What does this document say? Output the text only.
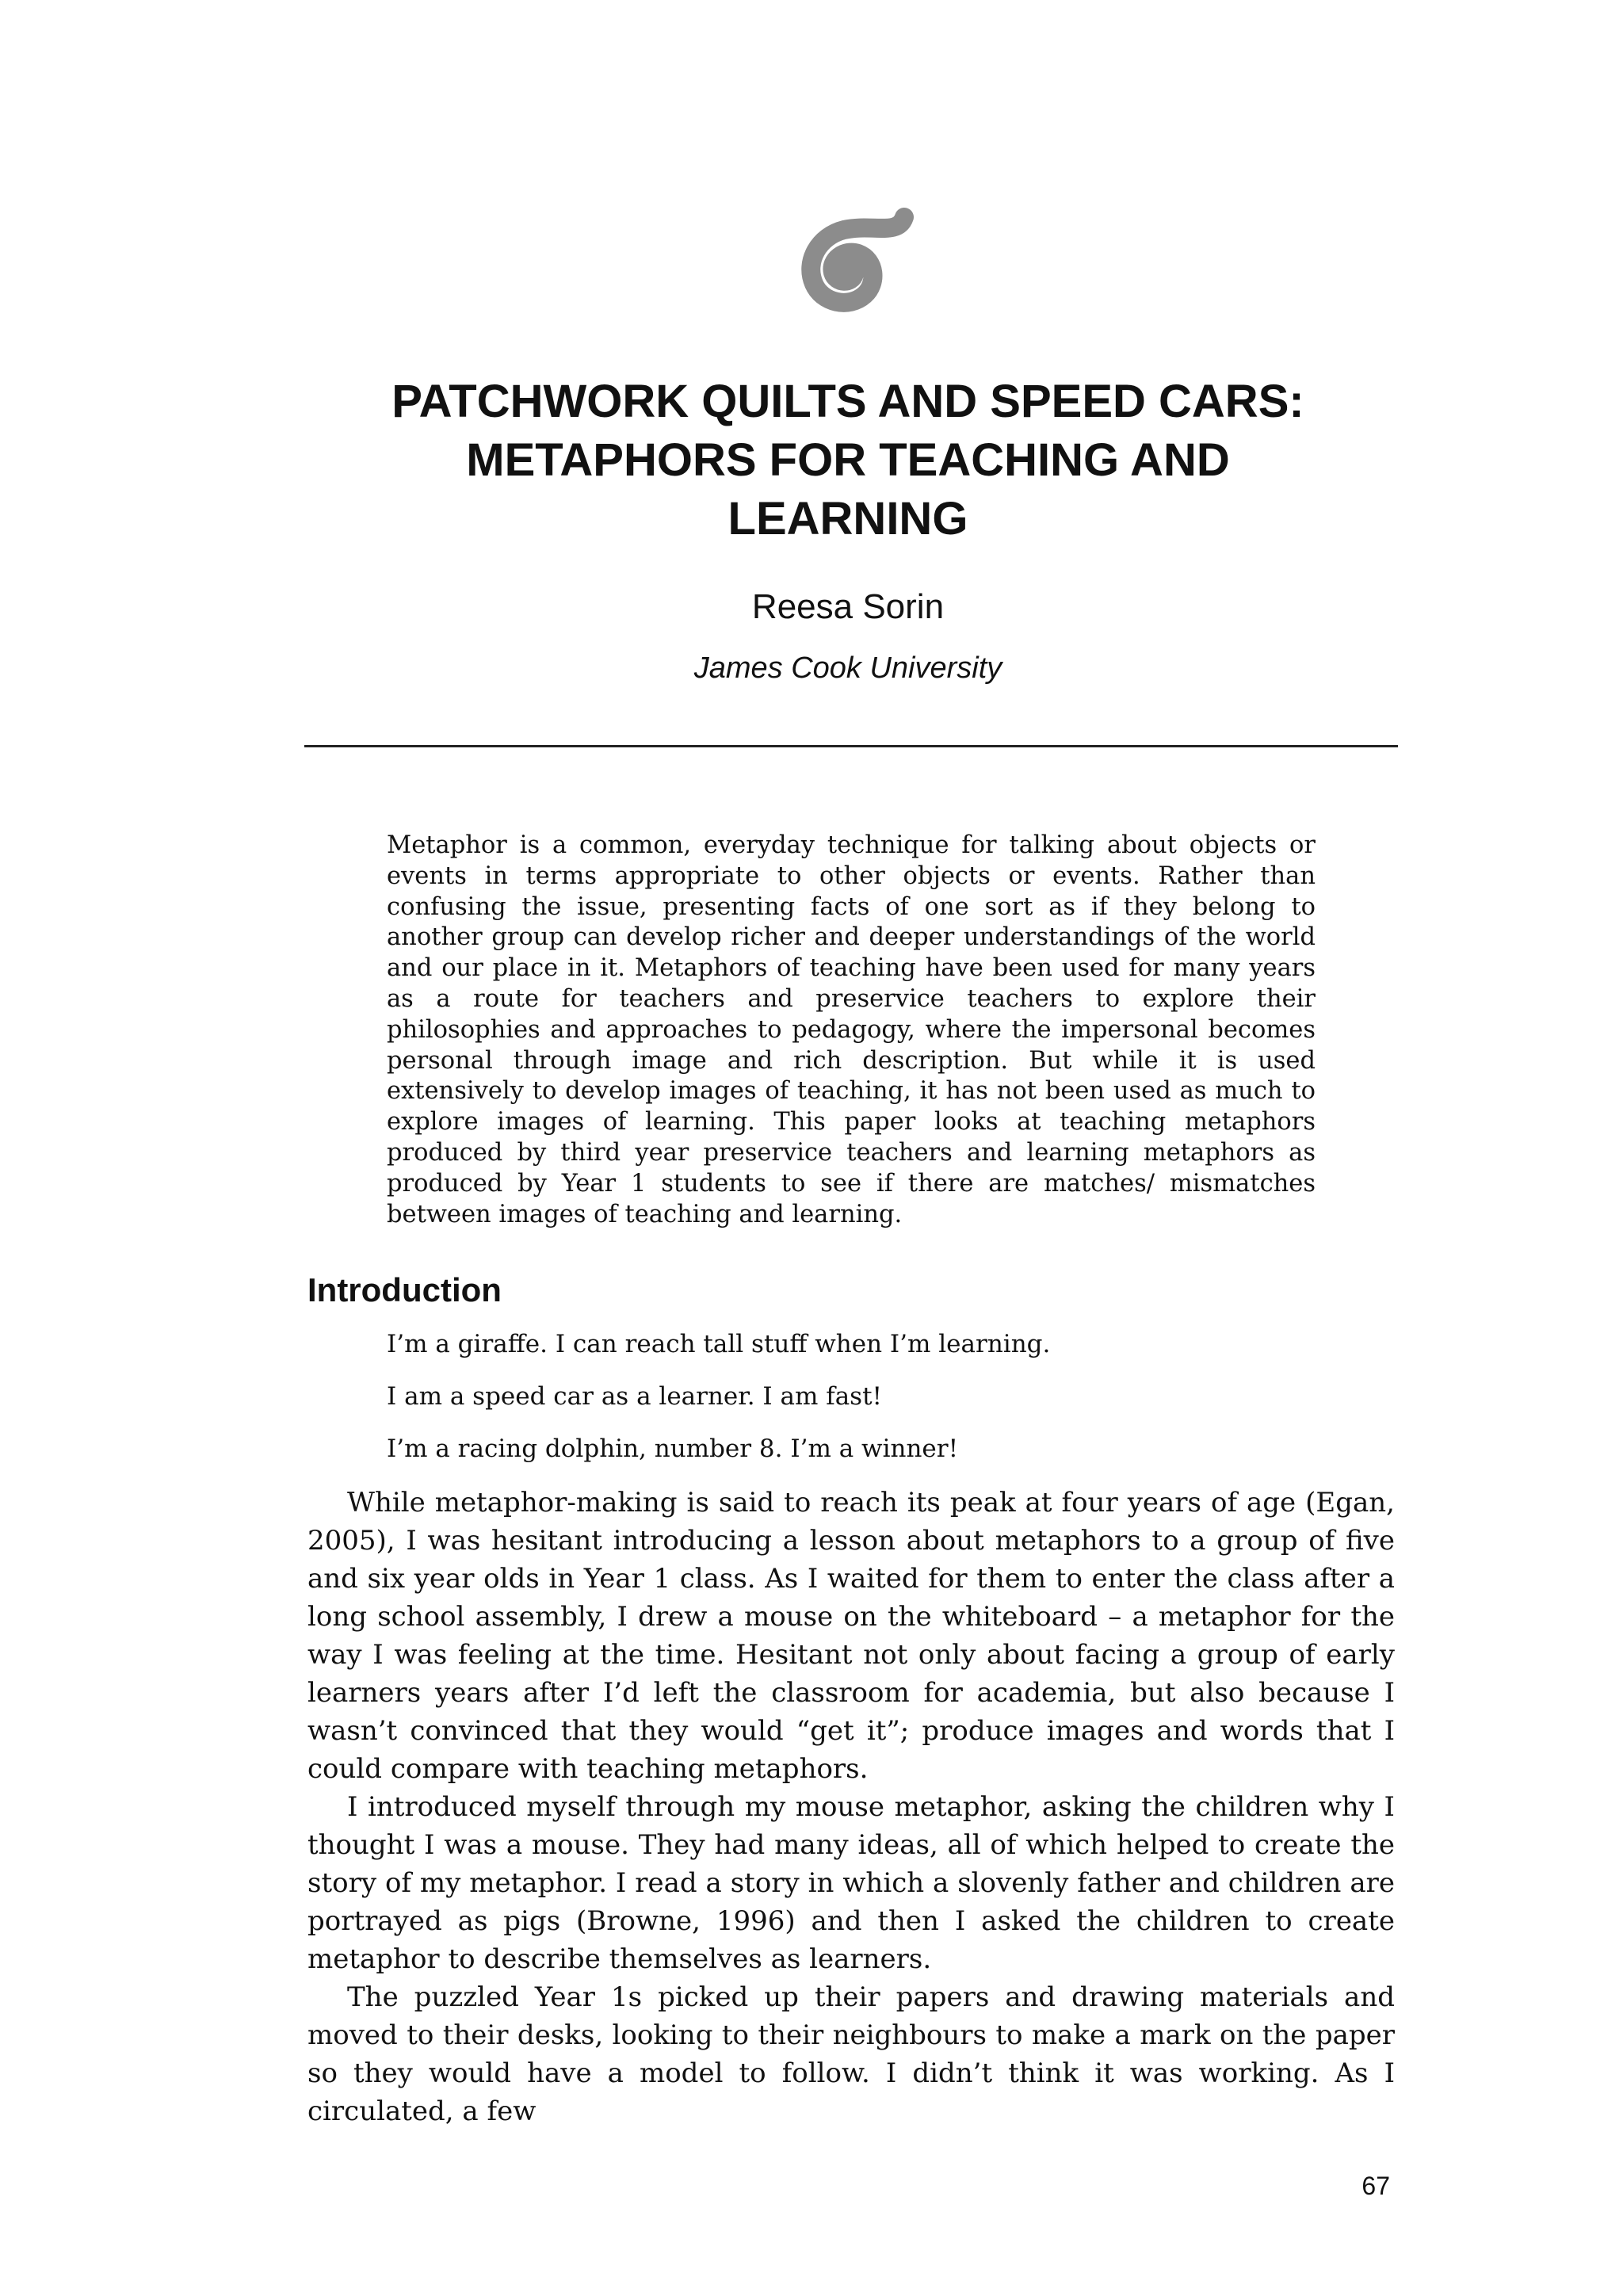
PATCHWORK QUILTS AND SPEED CARS:
METAPHORS FOR TEACHING AND
LEARNING

Reesa Sorin

James Cook University

Metaphor is a common, everyday technique for talking about objects or events in terms appropriate to other objects or events. Rather than confusing the issue, presenting facts of one sort as if they belong to another group can develop richer and deeper understandings of the world and our place in it. Metaphors of teaching have been used for many years as a route for teachers and preservice teachers to explore their philosophies and approaches to pedagogy, where the impersonal becomes personal through image and rich description. But while it is used extensively to develop images of teaching, it has not been used as much to explore images of learning. This paper looks at teaching metaphors produced by third year preservice teachers and learning metaphors as produced by Year 1 students to see if there are matches/ mismatches between images of teaching and learning.

Introduction

I’m a giraffe. I can reach tall stuff when I’m learning.

I am a speed car as a learner. I am fast!

I’m a racing dolphin, number 8. I’m a winner!

While metaphor-making is said to reach its peak at four years of age (Egan, 2005), I was hesitant introducing a lesson about metaphors to a group of five and six year olds in Year 1 class. As I waited for them to enter the class after a long school assembly, I drew a mouse on the whiteboard – a metaphor for the way I was feeling at the time. Hesitant not only about facing a group of early learners years after I’d left the classroom for academia, but also because I wasn’t convinced that they would “get it”; produce images and words that I could compare with teaching metaphors.

I introduced myself through my mouse metaphor, asking the children why I thought I was a mouse. They had many ideas, all of which helped to create the story of my metaphor. I read a story in which a slovenly father and children are portrayed as pigs (Browne, 1996) and then I asked the children to create metaphor to describe themselves as learners.

The puzzled Year 1s picked up their papers and drawing materials and moved to their desks, looking to their neighbours to make a mark on the paper so they would have a model to follow. I didn’t think it was working. As I circulated, a few

67
